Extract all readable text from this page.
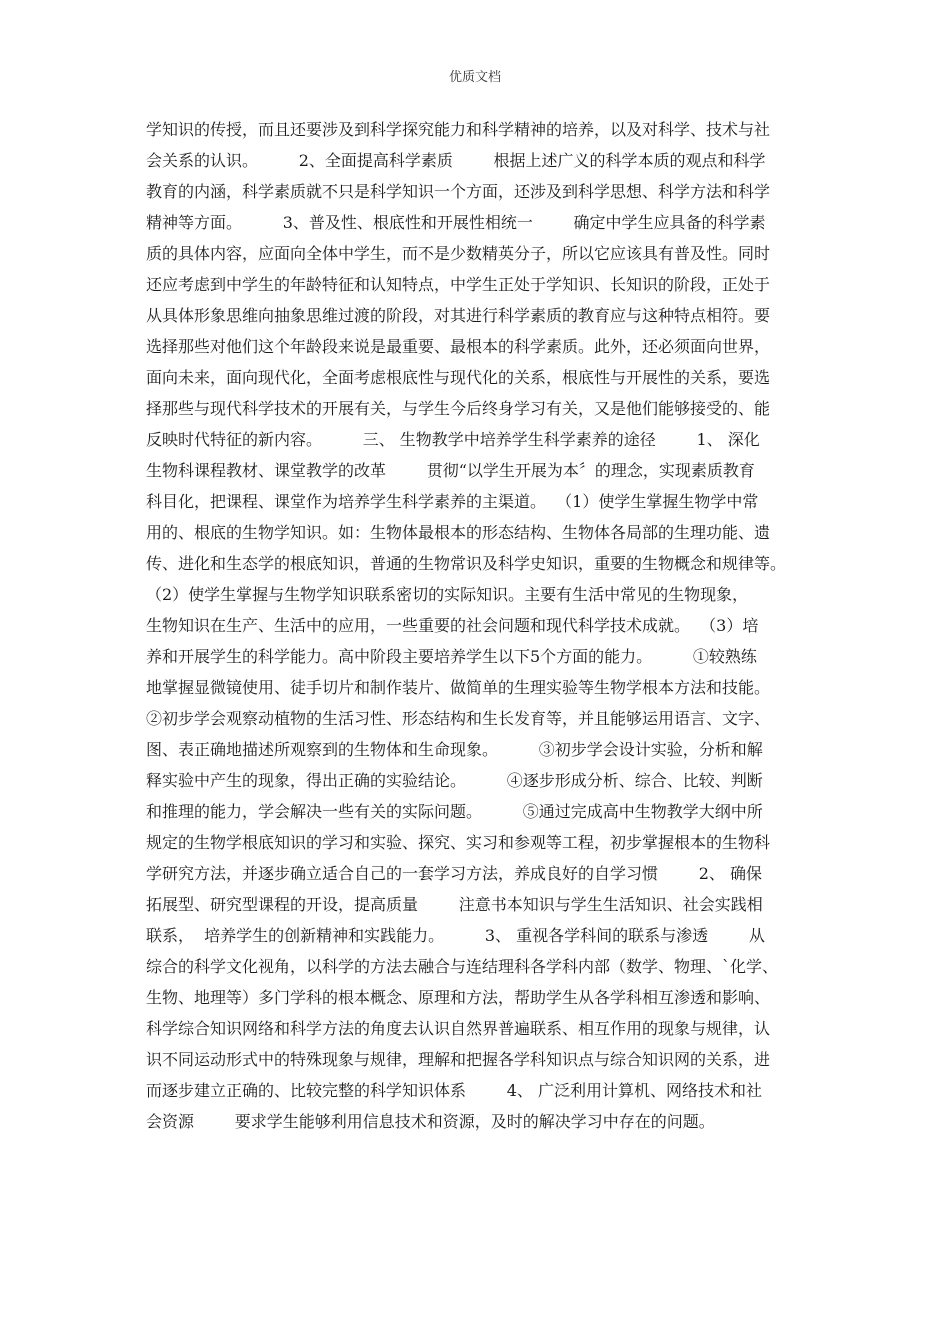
优质文档
学知识的传授，而且还要涉及到科学探究能力和科学精神的培养，以及对科学、技术与社
会关系的认识。        2、全面提高科学素质        根据上述广义的科学本质的观点和科学
教育的内涵，科学素质就不只是科学知识一个方面，还涉及到科学思想、科学方法和科学
精神等方面。        3、普及性、根底性和开展性相统一        确定中学生应具备的科学素
质的具体内容，应面向全体中学生，而不是少数精英分子，所以它应该具有普及性。同时
还应考虑到中学生的年龄特征和认知特点，中学生正处于学知识、长知识的阶段，正处于
从具体形象思维向抽象思维过渡的阶段，对其进行科学素质的教育应与这种特点相符。要
选择那些对他们这个年龄段来说是最重要、最根本的科学素质。此外，还必须面向世界，
面向未来，面向现代化，全面考虑根底性与现代化的关系，根底性与开展性的关系，要选
择那些与现代科学技术的开展有关，与学生今后终身学习有关，又是他们能够接受的、能
反映时代特征的新内容。        三、 生物教学中培养学生科学素养的途径        1、 深化
生物科课程教材、课堂教学的改革        贯彻“以学生开展为本〞的理念，实现素质教育
科目化，把课程、课堂作为培养学生科学素养的主渠道。  （1）使学生掌握生物学中常
用的、根底的生物学知识。如：生物体最根本的形态结构、生物体各局部的生理功能、遗
传、进化和生态学的根底知识，普通的生物常识及科学史知识，重要的生物概念和规律等。
（2）使学生掌握与生物学知识联系密切的实际知识。主要有生活中常见的生物现象，
生物知识在生产、生活中的应用，一些重要的社会问题和现代科学技术成就。  （3）培
养和开展学生的科学能力。高中阶段主要培养学生以下5个方面的能力。        ①较熟练
地掌握显微镜使用、徒手切片和制作装片、做简单的生理实验等生物学根本方法和技能。
②初步学会观察动植物的生活习性、形态结构和生长发育等，并且能够运用语言、文字、
图、表正确地描述所观察到的生物体和生命现象。        ③初步学会设计实验，分析和解
释实验中产生的现象，得出正确的实验结论。        ④逐步形成分析、综合、比较、判断
和推理的能力，学会解决一些有关的实际问题。        ⑤通过完成高中生物教学大纲中所
规定的生物学根底知识的学习和实验、探究、实习和参观等工程，初步掌握根本的生物科
学研究方法，并逐步确立适合自己的一套学习方法，养成良好的自学习惯        2、 确保
拓展型、研究型课程的开设，提高质量        注意书本知识与学生生活知识、社会实践相
联系，  培养学生的创新精神和实践能力。        3、 重视各学科间的联系与渗透        从
综合的科学文化视角，以科学的方法去融合与连结理科各学科内部（数学、物理、`化学、
生物、地理等）多门学科的根本概念、原理和方法，帮助学生从各学科相互渗透和影响、
科学综合知识网络和科学方法的角度去认识自然界普遍联系、相互作用的现象与规律，认
识不同运动形式中的特殊现象与规律，理解和把握各学科知识点与综合知识网的关系，进
而逐步建立正确的、比较完整的科学知识体系        4、 广泛利用计算机、网络技术和社
会资源        要求学生能够利用信息技术和资源，及时的解决学习中存在的问题。
